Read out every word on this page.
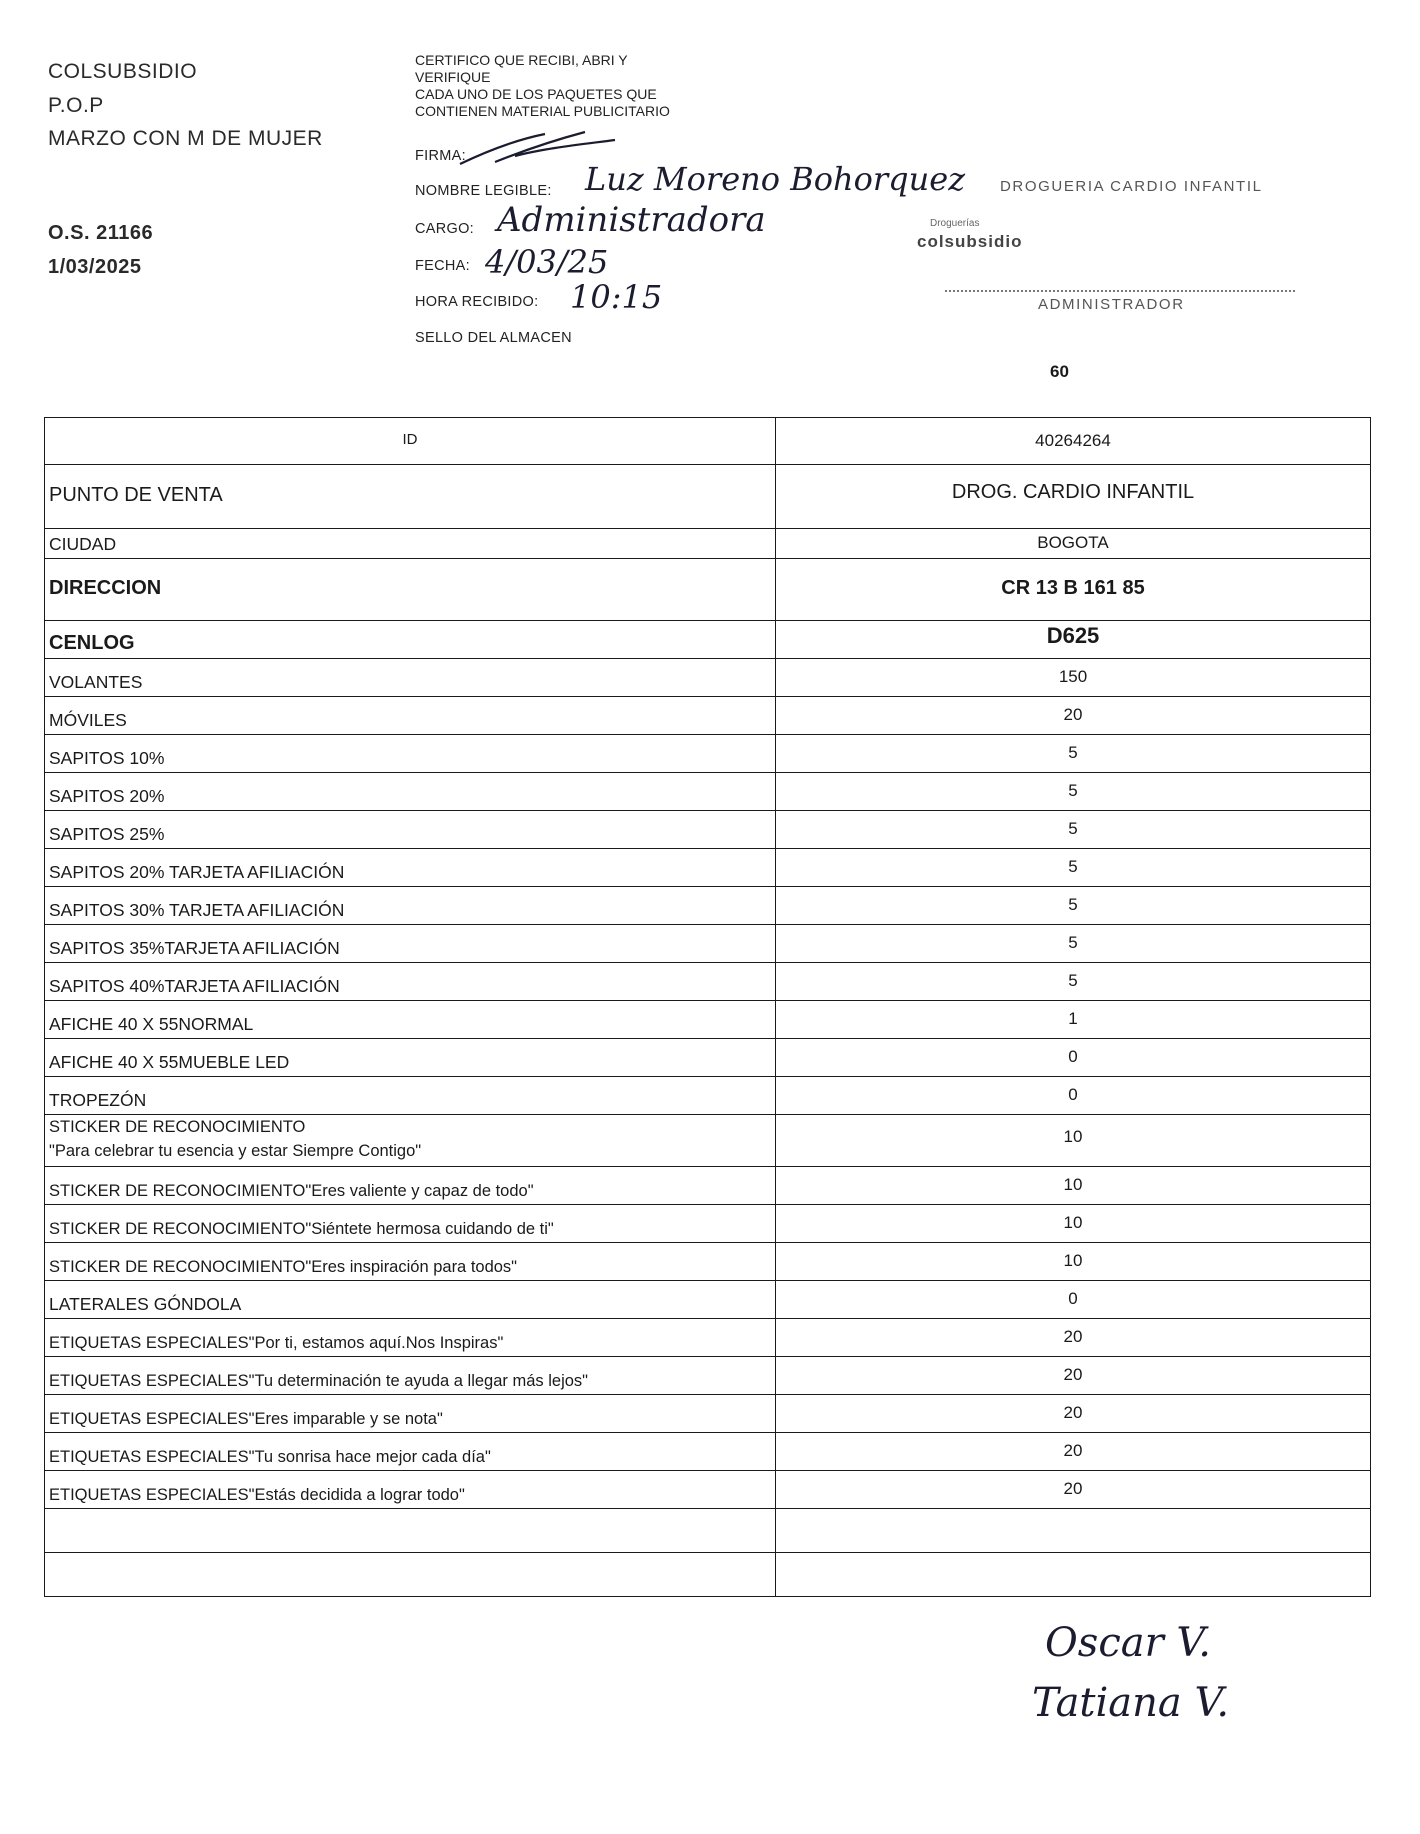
COLSUBSIDIO
P.O.P
MARZO CON M DE MUJER
O.S. 21166
1/03/2025
CERTIFICO QUE RECIBI, ABRI Y
VERIFIQUE
CADA UNO DE LOS PAQUETES QUE
CONTIENEN MATERIAL PUBLICITARIO
FIRMA:
NOMBRE LEGIBLE: Luz Moreno Bohorquez
CARGO: Administradora
FECHA: 4/03/25
HORA RECIBIDO: 10:15
SELLO DEL ALMACEN
DROGUERIA CARDIO INFANTIL
Droguerías
colsubsidio
ADMINISTRADOR
60
ID	40264264
PUNTO DE VENTA	DROG. CARDIO INFANTIL
CIUDAD	BOGOTA
DIRECCION	CR 13 B 161 85
CENLOG	D625
VOLANTES	150
MÓVILES	20
SAPITOS 10%	5
SAPITOS 20%	5
SAPITOS 25%	5
SAPITOS 20% TARJETA AFILIACIÓN	5
SAPITOS 30% TARJETA AFILIACIÓN	5
SAPITOS 35%TARJETA AFILIACIÓN	5
SAPITOS 40%TARJETA AFILIACIÓN	5
AFICHE 40 X 55NORMAL	1
AFICHE 40 X 55MUEBLE LED	0
TROPEZÓN	0

STICKER DE RECONOCIMIENTO
"Para celebrar tu esencia y estar Siempre Contigo"	10
STICKER DE RECONOCIMIENTO"Eres valiente y capaz de todo"	10
STICKER DE RECONOCIMIENTO"Siéntete hermosa cuidando de ti"	10
STICKER DE RECONOCIMIENTO"Eres inspiración para todos"	10
LATERALES GÓNDOLA	0
ETIQUETAS ESPECIALES"Por ti, estamos aquí.Nos Inspiras"	20
ETIQUETAS ESPECIALES"Tu determinación te ayuda a llegar más lejos"	20
ETIQUETAS ESPECIALES"Eres imparable y se nota"	20
ETIQUETAS ESPECIALES"Tu sonrisa hace mejor cada día"	20
ETIQUETAS ESPECIALES"Estás decidida a lograr todo"	20

Oscar V.
Tatiana V.
